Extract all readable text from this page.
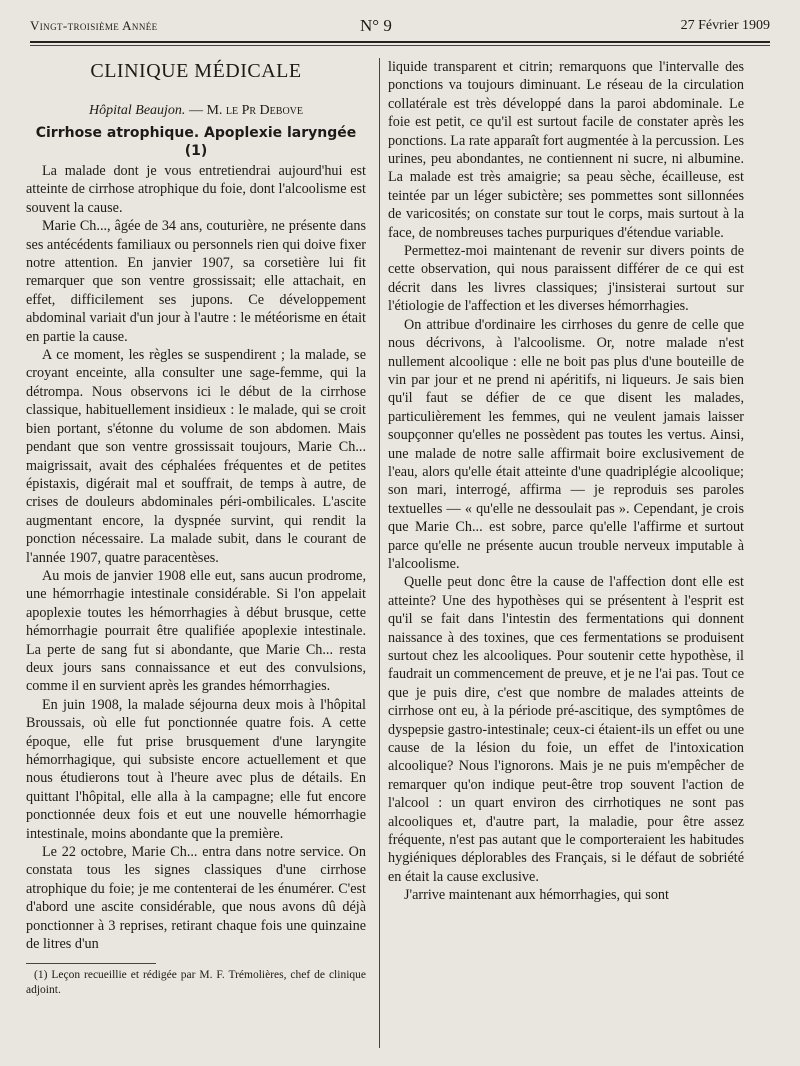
Vingt-troisième Année	N° 9	27 Février 1909
CLINIQUE MÉDICALE
Hôpital Beaujon. — M. le Pr Debove
Cirrhose atrophique. Apoplexie laryngée (1)

La malade dont je vous entretiendrai aujourd'hui est atteinte de cirrhose atrophique du foie, dont l'alcoolisme est souvent la cause.

Marie Ch..., âgée de 34 ans, couturière, ne présente dans ses antécédents familiaux ou personnels rien qui doive fixer notre attention. En janvier 1907, sa corsetière lui fit remarquer que son ventre grossissait; elle attachait, en effet, difficilement ses jupons. Ce développement abdominal variait d'un jour à l'autre : le météorisme en était en partie la cause.

A ce moment, les règles se suspendirent ; la malade, se croyant enceinte, alla consulter une sage-femme, qui la détrompa. Nous observons ici le début de la cirrhose classique, habituellement insidieux : le malade, qui se croit bien portant, s'étonne du volume de son abdomen. Mais pendant que son ventre grossissait toujours, Marie Ch... maigrissait, avait des céphalées fréquentes et de petites épistaxis, digérait mal et souffrait, de temps à autre, de crises de douleurs abdominales péri-ombilicales. L'ascite augmentant encore, la dyspnée survint, qui rendit la ponction nécessaire. La malade subit, dans le courant de l'année 1907, quatre paracentèses.

Au mois de janvier 1908 elle eut, sans aucun prodrome, une hémorrhagie intestinale considérable. Si l'on appelait apoplexie toutes les hémorrhagies à début brusque, cette hémorrhagie pourrait être qualifiée apoplexie intestinale. La perte de sang fut si abondante, que Marie Ch... resta deux jours sans connaissance et eut des convulsions, comme il en survient après les grandes hémorrhagies.

En juin 1908, la malade séjourna deux mois à l'hôpital Broussais, où elle fut ponctionnée quatre fois. A cette époque, elle fut prise brusquement d'une laryngite hémorrhagique, qui subsiste encore actuellement et que nous étudierons tout à l'heure avec plus de détails. En quittant l'hôpital, elle alla à la campagne; elle fut encore ponctionnée deux fois et eut une nouvelle hémorrhagie intestinale, moins abondante que la première.

Le 22 octobre, Marie Ch... entra dans notre service. On constata tous les signes classiques d'une cirrhose atrophique du foie; je me contenterai de les énumérer. C'est d'abord une ascite considérable, que nous avons dû déjà ponctionner à 3 reprises, retirant chaque fois une quinzaine de litres d'un

(1) Leçon recueillie et rédigée par M. F. Trémolières, chef de clinique adjoint.

liquide transparent et citrin; remarquons que l'intervalle des ponctions va toujours diminuant. Le réseau de la circulation collatérale est très développé dans la paroi abdominale. Le foie est petit, ce qu'il est surtout facile de constater après les ponctions. La rate apparaît fort augmentée à la percussion. Les urines, peu abondantes, ne contiennent ni sucre, ni albumine. La malade est très amaigrie; sa peau sèche, écailleuse, est teintée par un léger subictère; ses pommettes sont sillonnées de varicosités; on constate sur tout le corps, mais surtout à la face, de nombreuses taches purpuriques d'étendue variable.

Permettez-moi maintenant de revenir sur divers points de cette observation, qui nous paraissent différer de ce qui est décrit dans les livres classiques; j'insisterai surtout sur l'étiologie de l'affection et les diverses hémorrhagies.

On attribue d'ordinaire les cirrhoses du genre de celle que nous décrivons, à l'alcoolisme. Or, notre malade n'est nullement alcoolique : elle ne boit pas plus d'une bouteille de vin par jour et ne prend ni apéritifs, ni liqueurs. Je sais bien qu'il faut se défier de ce que disent les malades, particulièrement les femmes, qui ne veulent jamais laisser soupçonner qu'elles ne possèdent pas toutes les vertus. Ainsi, une malade de notre salle affirmait boire exclusivement de l'eau, alors qu'elle était atteinte d'une quadriplégie alcoolique; son mari, interrogé, affirma — je reproduis ses paroles textuelles — « qu'elle ne dessoulait pas ». Cependant, je crois que Marie Ch... est sobre, parce qu'elle l'affirme et surtout parce qu'elle ne présente aucun trouble nerveux imputable à l'alcoolisme.

Quelle peut donc être la cause de l'affection dont elle est atteinte? Une des hypothèses qui se présentent à l'esprit est qu'il se fait dans l'intestin des fermentations qui donnent naissance à des toxines, que ces fermentations se produisent surtout chez les alcooliques. Pour soutenir cette hypothèse, il faudrait un commencement de preuve, et je ne l'ai pas. Tout ce que je puis dire, c'est que nombre de malades atteints de cirrhose ont eu, à la période pré-ascitique, des symptômes de dyspepsie gastro-intestinale; ceux-ci étaient-ils un effet ou une cause de la lésion du foie, un effet de l'intoxication alcoolique? Nous l'ignorons. Mais je ne puis m'empêcher de remarquer qu'on indique peut-être trop souvent l'action de l'alcool : un quart environ des cirrhotiques ne sont pas alcooliques et, d'autre part, la maladie, pour être assez fréquente, n'est pas autant que le comporteraient les habitudes hygiéniques déplorables des Français, si le défaut de sobriété en était la cause exclusive.

J'arrive maintenant aux hémorrhagies, qui sont
